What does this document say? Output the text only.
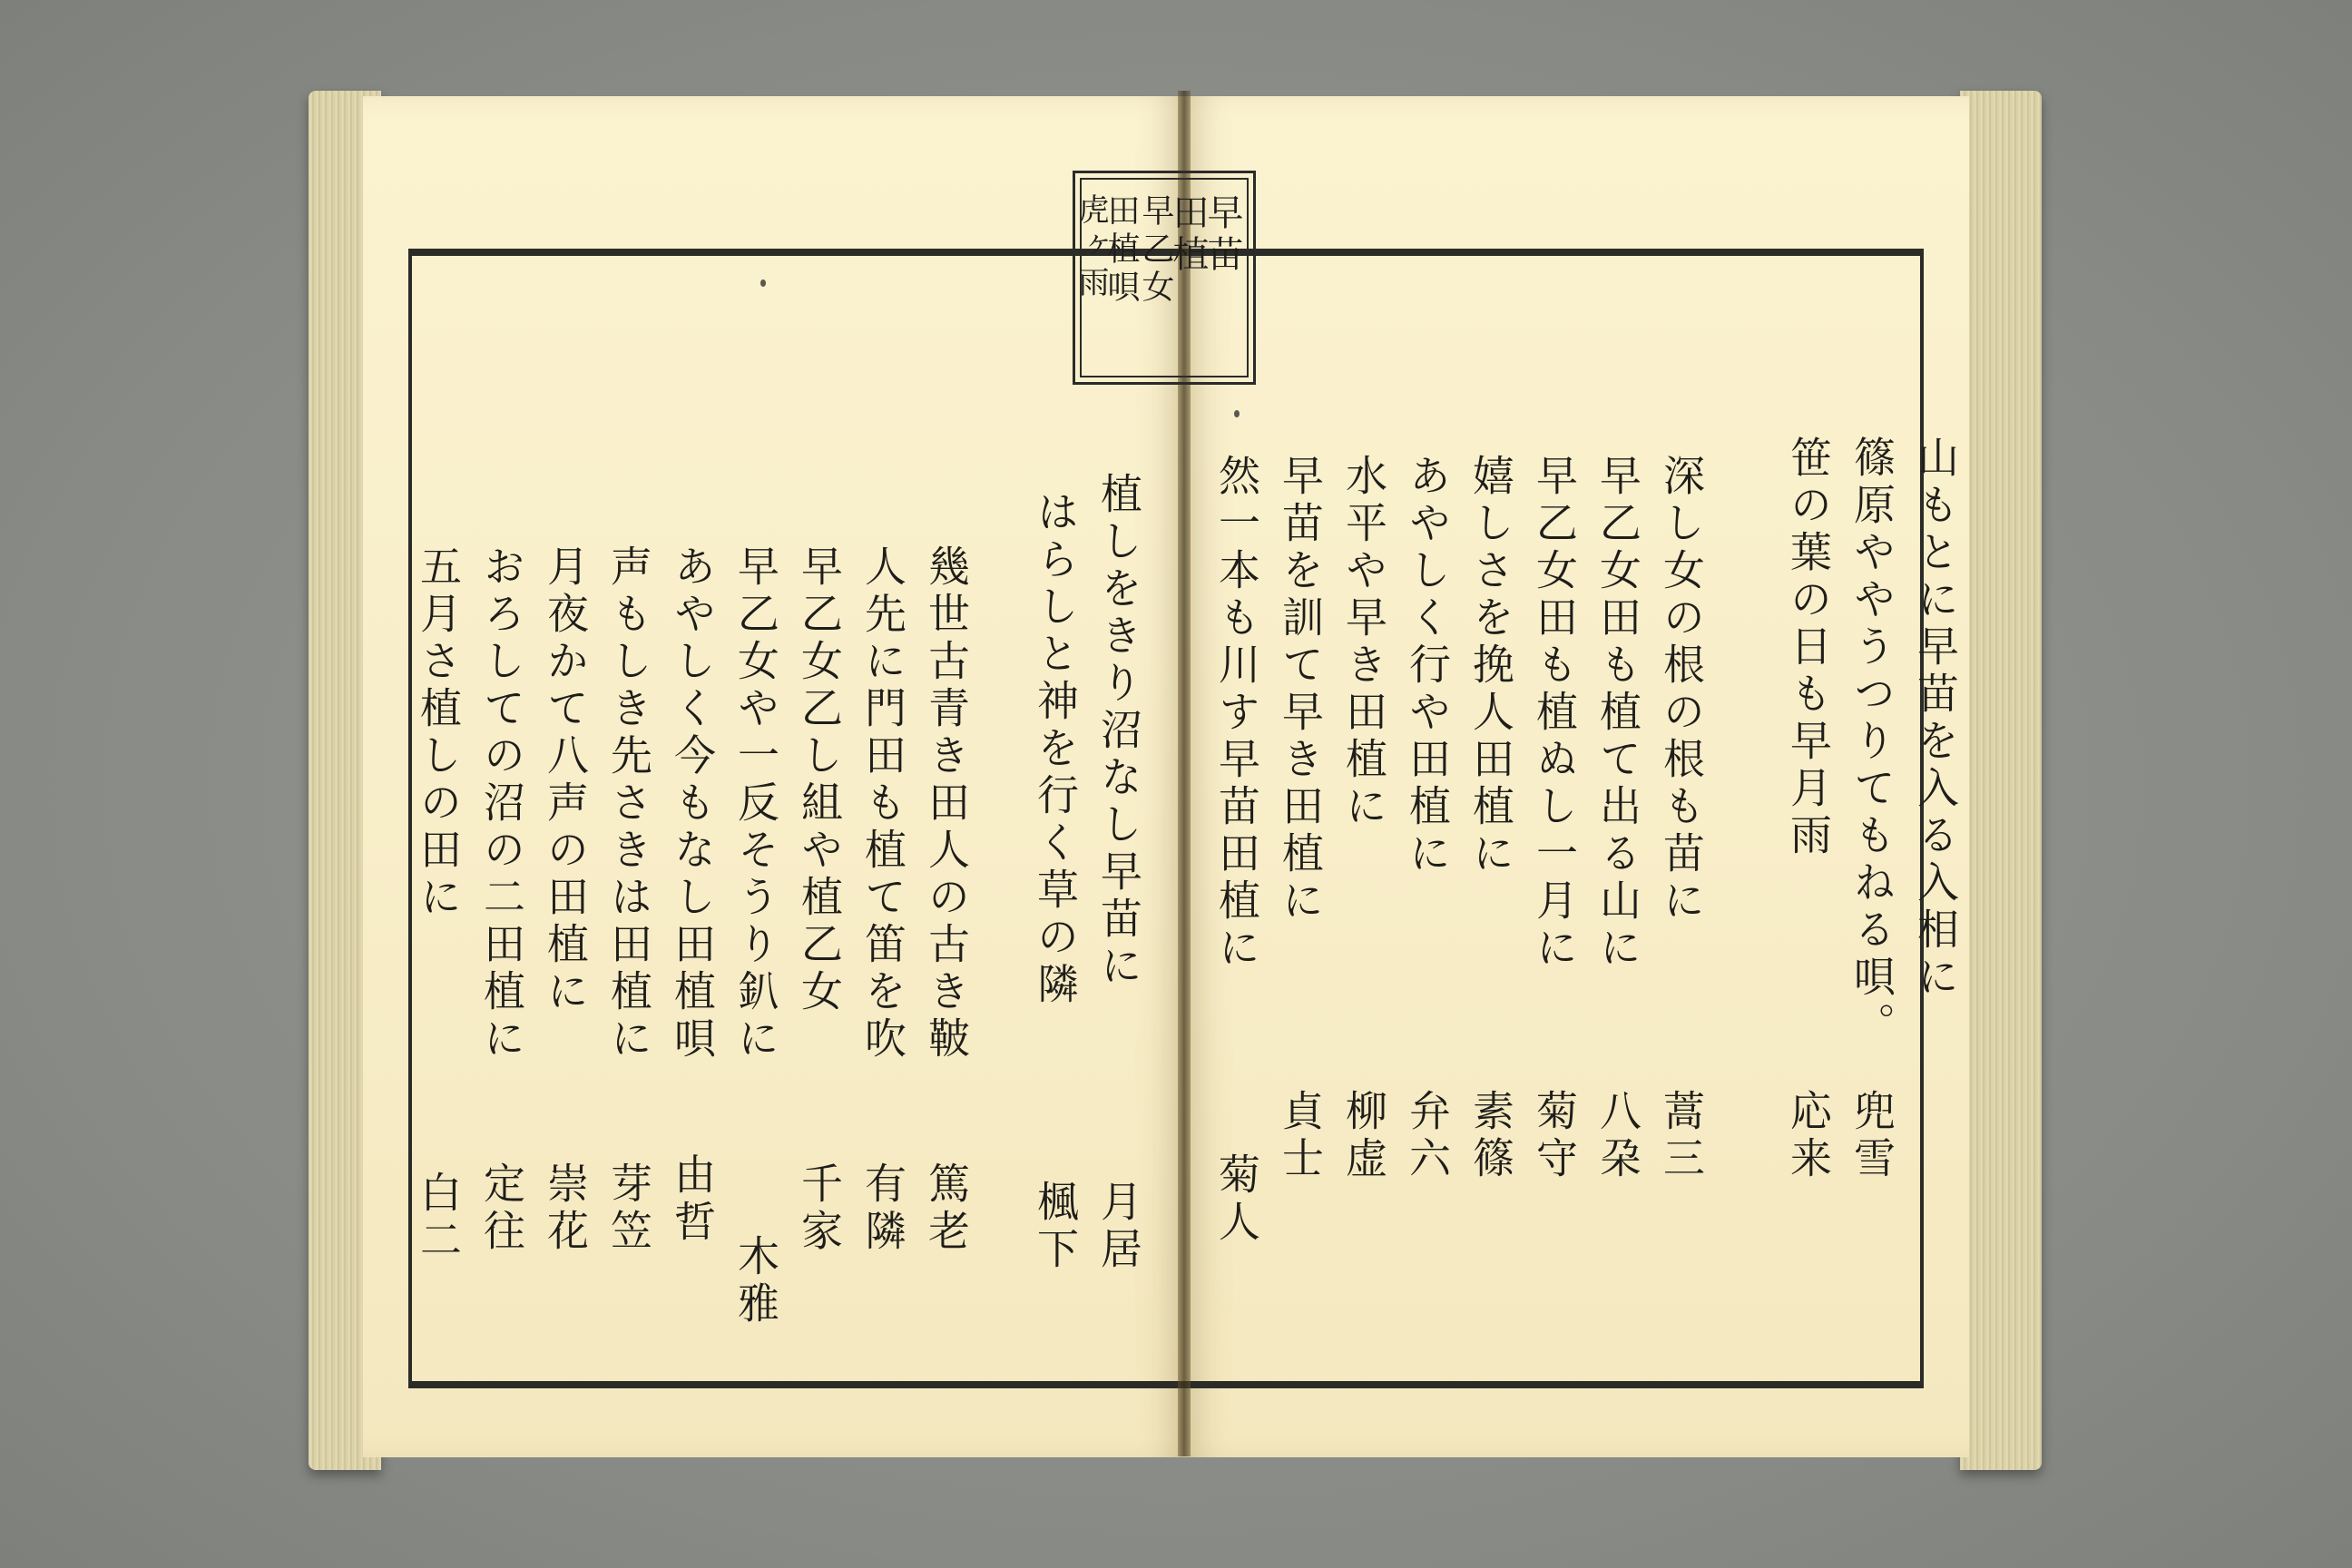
早苗
田植
早乙女
田植唄
虎ヶ雨
山もとに早苗を入る入相に
篠原ややうつりてもねる唄。
兜雪
笹の葉の日も早月雨
応来
深し女の根の根も苗に
蒿三
早乙女田も植て出る山に
八朶
早乙女田も植ぬし一月に
菊守
嬉しさを挽人田植に
素篠
あやしく行や田植に
弁六
水平や早き田植に
柳虚
早苗を訓て早き田植に
貞士
然一本も川す早苗田植に
菊人
植しをきり沼なし早苗に
月居
はらしと神を行く草の隣
楓下
幾世古青き田人の古き鞁
篤老
人先に門田も植て笛を吹
有隣
早乙女乙し組や植乙女
千家
早乙女や一反そうり釟に
木雅
あやしく今もなし田植唄
由哲
声もしき先さきは田植に
芽笠
月夜かて八声の田植に
崇花
おろしての沼の二田植に
定往
五月さ植しの田に
白二
